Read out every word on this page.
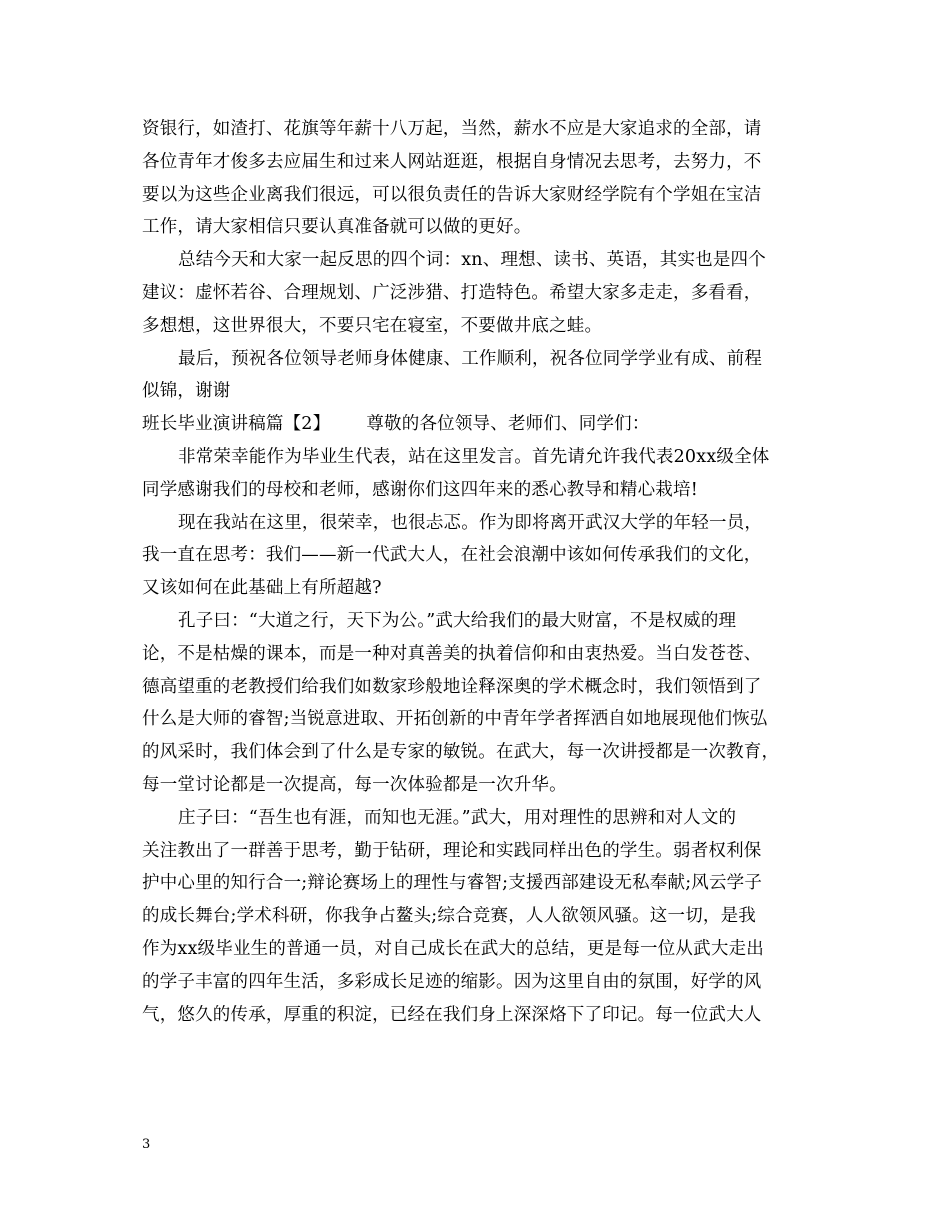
资银行，如渣打、花旗等年薪十八万起，当然，薪水不应是大家追求的全部，请
各位青年才俊多去应届生和过来人网站逛逛，根据自身情况去思考，去努力，不
要以为这些企业离我们很远，可以很负责任的告诉大家财经学院有个学姐在宝洁
工作，请大家相信只要认真准备就可以做的更好。
总结今天和大家一起反思的四个词：xn、理想、读书、英语，其实也是四个
建议：虚怀若谷、合理规划、广泛涉猎、打造特色。希望大家多走走，多看看，
多想想，这世界很大，不要只宅在寝室，不要做井底之蛙。
最后，预祝各位领导老师身体健康、工作顺利，祝各位同学学业有成、前程
似锦，谢谢
班长毕业演讲稿篇【2】 尊敬的各位领导、老师们、同学们：
非常荣幸能作为毕业生代表，站在这里发言。首先请允许我代表20xx级全体
同学感谢我们的母校和老师，感谢你们这四年来的悉心教导和精心栽培!
现在我站在这里，很荣幸，也很忐忑。作为即将离开武汉大学的年轻一员，
我一直在思考：我们——新一代武大人，在社会浪潮中该如何传承我们的文化，
又该如何在此基础上有所超越?
孔子曰：“大道之行，天下为公。”武大给我们的最大财富，不是权威的理
论，不是枯燥的课本，而是一种对真善美的执着信仰和由衷热爱。当白发苍苍、
德高望重的老教授们给我们如数家珍般地诠释深奥的学术概念时，我们领悟到了
什么是大师的睿智;当锐意进取、开拓创新的中青年学者挥洒自如地展现他们恢弘
的风采时，我们体会到了什么是专家的敏锐。在武大，每一次讲授都是一次教育，
每一堂讨论都是一次提高，每一次体验都是一次升华。
庄子曰：“吾生也有涯，而知也无涯。”武大，用对理性的思辨和对人文的
关注教出了一群善于思考，勤于钻研，理论和实践同样出色的学生。弱者权利保
护中心里的知行合一;辩论赛场上的理性与睿智;支援西部建设无私奉献;风云学子
的成长舞台;学术科研，你我争占鳌头;综合竞赛，人人欲领风骚。这一切，是我
作为xx级毕业生的普通一员，对自己成长在武大的总结，更是每一位从武大走出
的学子丰富的四年生活，多彩成长足迹的缩影。因为这里自由的氛围，好学的风
气，悠久的传承，厚重的积淀，已经在我们身上深深烙下了印记。每一位武大人
3
